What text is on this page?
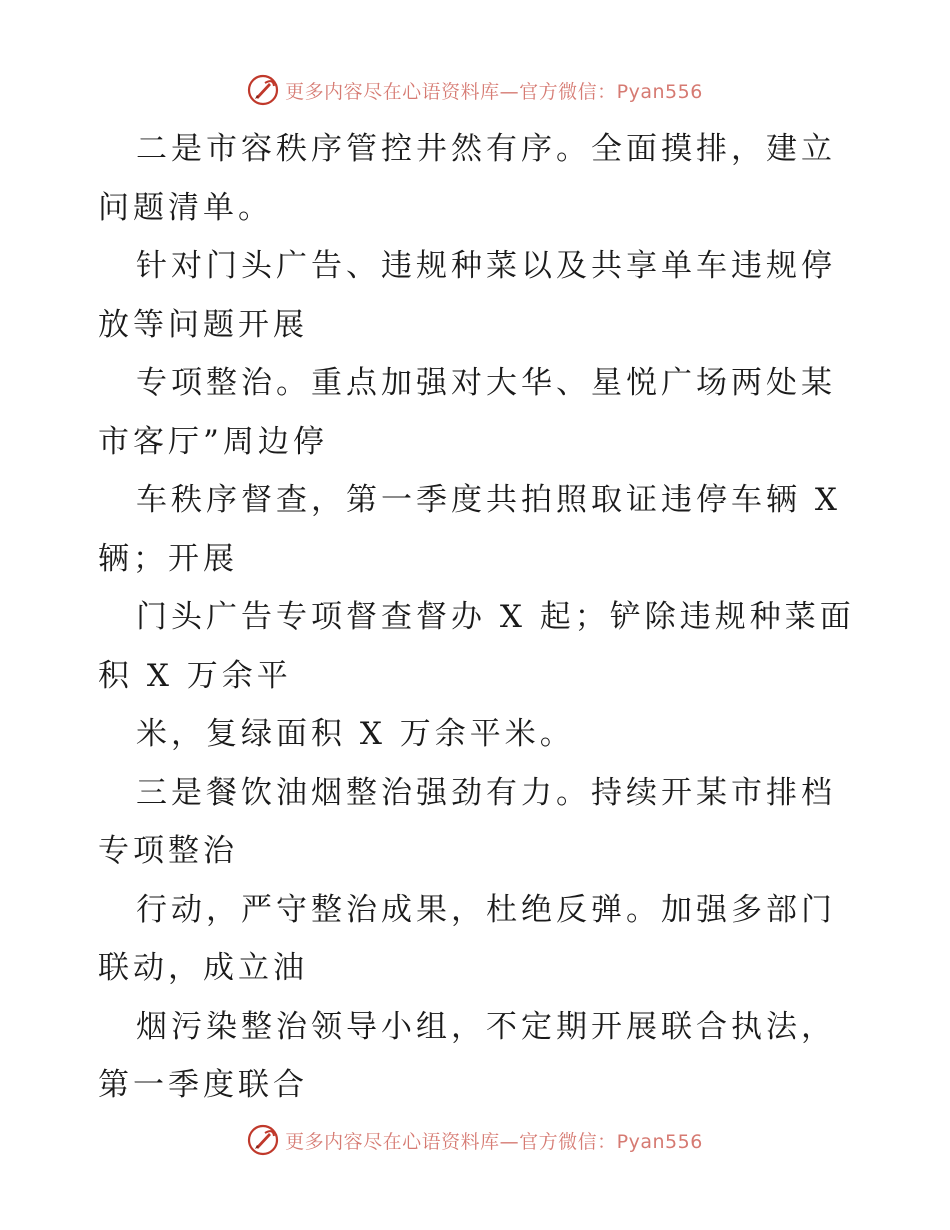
更多内容尽在心语资料库—官方微信：Pyan556

二是市容秩序管控井然有序。全面摸排，建立问题清单。

针对门头广告、违规种菜以及共享单车违规停放等问题开展

专项整治。重点加强对大华、星悦广场两处某市客厅”周边停

车秩序督查，第一季度共拍照取证违停车辆 X 辆；开展

门头广告专项督查督办 X 起；铲除违规种菜面积 X 万余平

米，复绿面积 X 万余平米。

三是餐饮油烟整治强劲有力。持续开某市排档专项整治

行动，严守整治成果，杜绝反弹。加强多部门联动，成立油

烟污染整治领导小组，不定期开展联合执法，第一季度联合

更多内容尽在心语资料库—官方微信：Pyan556
